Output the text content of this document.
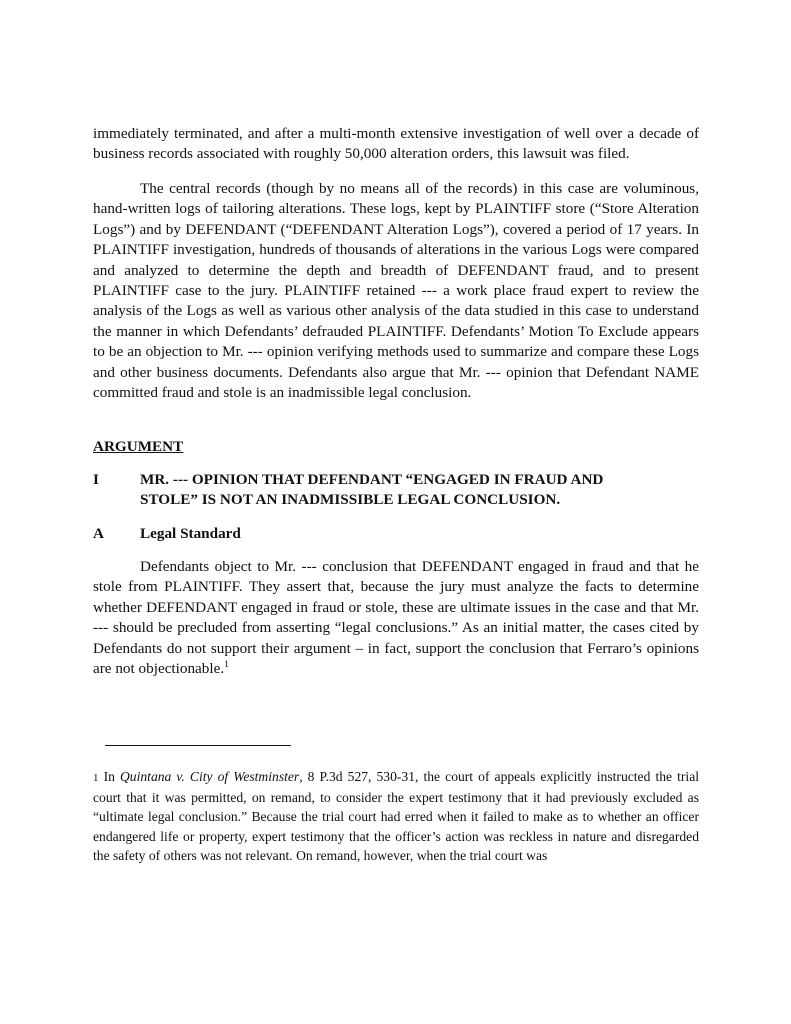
immediately terminated, and after a multi-month extensive investigation of well over a decade of business records associated with roughly 50,000 alteration orders, this lawsuit was filed.

The central records (though by no means all of the records) in this case are voluminous, hand-written logs of tailoring alterations. These logs, kept by PLAINTIFF store (“Store Alteration Logs”) and by DEFENDANT (“DEFENDANT Alteration Logs”), covered a period of 17 years. In PLAINTIFF investigation, hundreds of thousands of alterations in the various Logs were compared and analyzed to determine the depth and breadth of DEFENDANT fraud, and to present PLAINTIFF case to the jury. PLAINTIFF retained --- a work place fraud expert to review the analysis of the Logs as well as various other analysis of the data studied in this case to understand the manner in which Defendants’ defrauded PLAINTIFF. Defendants’ Motion To Exclude appears to be an objection to Mr. --- opinion verifying methods used to summarize and compare these Logs and other business documents. Defendants also argue that Mr. --- opinion that Defendant NAME committed fraud and stole is an inadmissible legal conclusion.

ARGUMENT

I	MR. --- OPINION THAT DEFENDANT “ENGAGED IN FRAUD AND STOLE” IS NOT AN INADMISSIBLE LEGAL CONCLUSION.
A Legal Standard

Defendants object to Mr. --- conclusion that DEFENDANT engaged in fraud and that he stole from PLAINTIFF. They assert that, because the jury must analyze the facts to determine whether DEFENDANT engaged in fraud or stole, these are ultimate issues in the case and that Mr. --- should be precluded from asserting “legal conclusions.” As an initial matter, the cases cited by Defendants do not support their argument – in fact, support the conclusion that Ferraro’s opinions are not objectionable.$^1$

1 In Quintana v. City of Westminster, 8 P.3d 527, 530-31, the court of appeals explicitly instructed the trial court that it was permitted, on remand, to consider the expert testimony that it had previously excluded as “ultimate legal conclusion.” Because the trial court had erred when it failed to make as to whether an officer endangered life or property, expert testimony that the officer’s action was reckless in nature and disregarded the safety of others was not relevant. On remand, however, when the trial court was
